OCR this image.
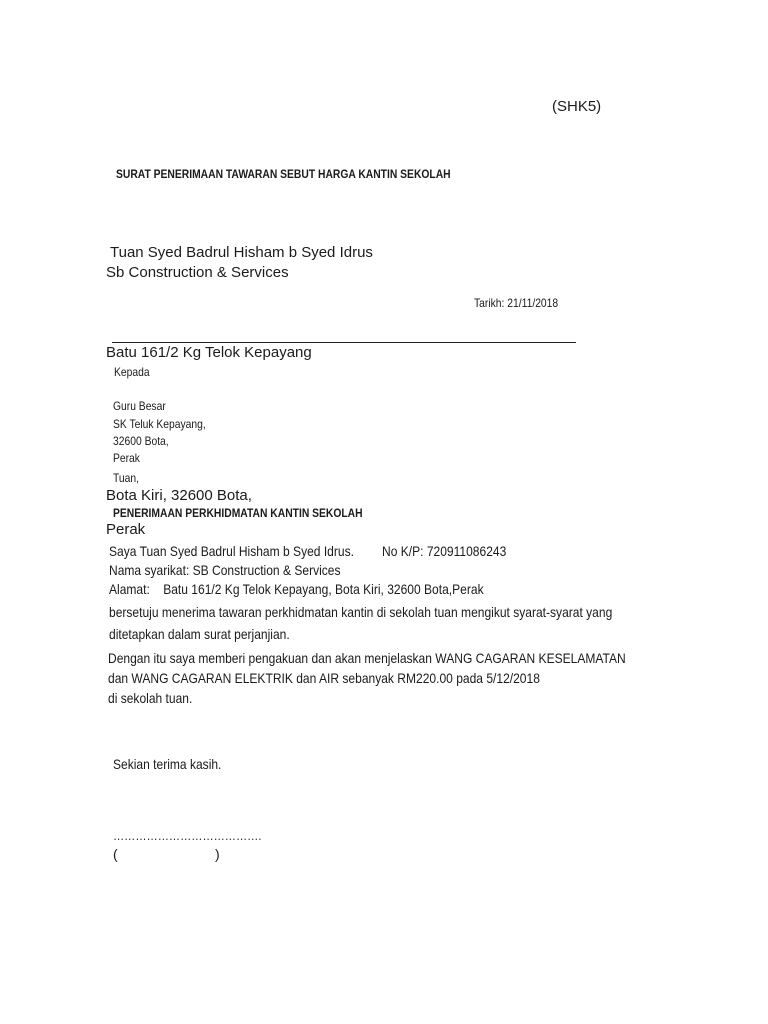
(SHK5)
SURAT PENERIMAAN TAWARAN SEBUT HARGA KANTIN SEKOLAH
Tuan Syed Badrul Hisham b Syed Idrus
Sb Construction & Services
Tarikh: 21/11/2018
Batu 161/2 Kg Telok Kepayang
Kepada
Guru Besar
SK Teluk Kepayang,
32600 Bota,
Perak
Tuan,
Bota Kiri, 32600 Bota,
PENERIMAAN PERKHIDMATAN KANTIN SEKOLAH
Perak
Saya Tuan Syed Badrul Hisham b Syed Idrus. No K/P: 720911086243
Nama syarikat: SB Construction & Services
Alamat:    Batu 161/2 Kg Telok Kepayang, Bota Kiri, 32600 Bota,Perak
bersetuju menerima tawaran perkhidmatan kantin di sekolah tuan mengikut syarat-syarat yang
ditetapkan dalam surat perjanjian.
Dengan itu saya memberi pengakuan dan akan menjelaskan WANG CAGARAN KESELAMATAN
dan WANG CAGARAN ELEKTRIK dan AIR sebanyak RM220.00 pada 5/12/2018
di sekolah tuan.
Sekian terima kasih.
………………………………….
(	)
